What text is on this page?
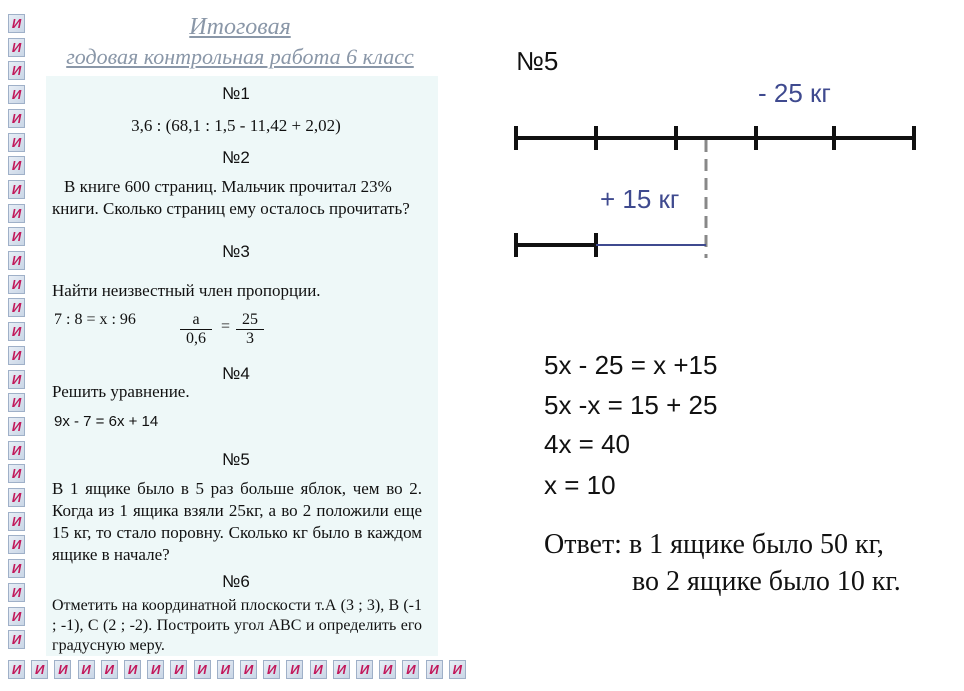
И
И
И
И
И
И
И
И
И
И
И
И
И
И
И
И
И
И
И
И
И
И
И
И
И
И
И
И
И
И
И
И
И
И
И
И
И
И
И
И
И
И
И
И
И
И
И
Итоговая
годовая контрольная работа 6 класс
№1
3,6 : (68,1 : 1,5 - 11,42 + 2,02)
№2
В книге 600 страниц. Мальчик прочитал 23% книги. Сколько страниц ему осталось прочитать?
№3
Найти неизвестный член пропорции.
7 : 8 = х : 96	а
0,6
= $\frac{25}{3}$
№4
Решить уравнение.
9х - 7 = 6х + 14
№5
В 1 ящике было в 5 раз больше яблок, чем во 2. Когда из 1 ящика взяли 25кг, а во 2 положили еще 15 кг, то стало поровну. Сколько кг было в каждом ящике в начале?
№6
Отметить на координатной плоскости т.А (3 ; 3), В (-1 ; -1), С (2 ; -2). Построить угол АВС и определить его градусную меру.
№5
- 25 кг
+ 15 кг
5х - 25 = х +15
5х -х = 15 + 25
4х = 40
х = 10
Ответ: в 1 ящике было 50 кг,
во 2 ящике было 10 кг.
